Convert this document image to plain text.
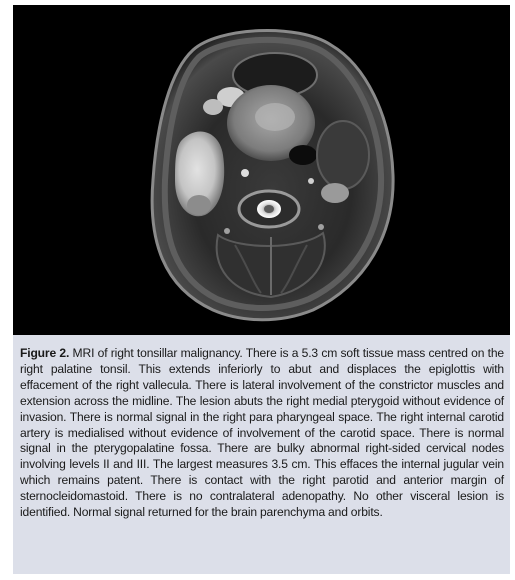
Figure 2. MRI of right tonsillar malignancy. There is a 5.3 cm soft tissue mass centred on the right palatine tonsil. This extends inferiorly to abut and displaces the epiglottis with effacement of the right vallecula. There is lateral involvement of the constrictor muscles and extension across the midline. The lesion abuts the right medial pterygoid without evidence of invasion. There is normal signal in the right para pharyngeal space. The right internal carotid artery is medialised without evidence of involvement of the carotid space. There is normal signal in the pterygopalatine fossa. There are bulky abnormal right-sided cervical nodes involving levels II and III. The largest measures 3.5 cm. This effaces the internal jugular vein which remains patent. There is contact with the right parotid and anterior margin of sternocleidomastoid. There is no contralateral adenopathy. No other visceral lesion is identified. Normal signal returned for the brain parenchyma and orbits.
